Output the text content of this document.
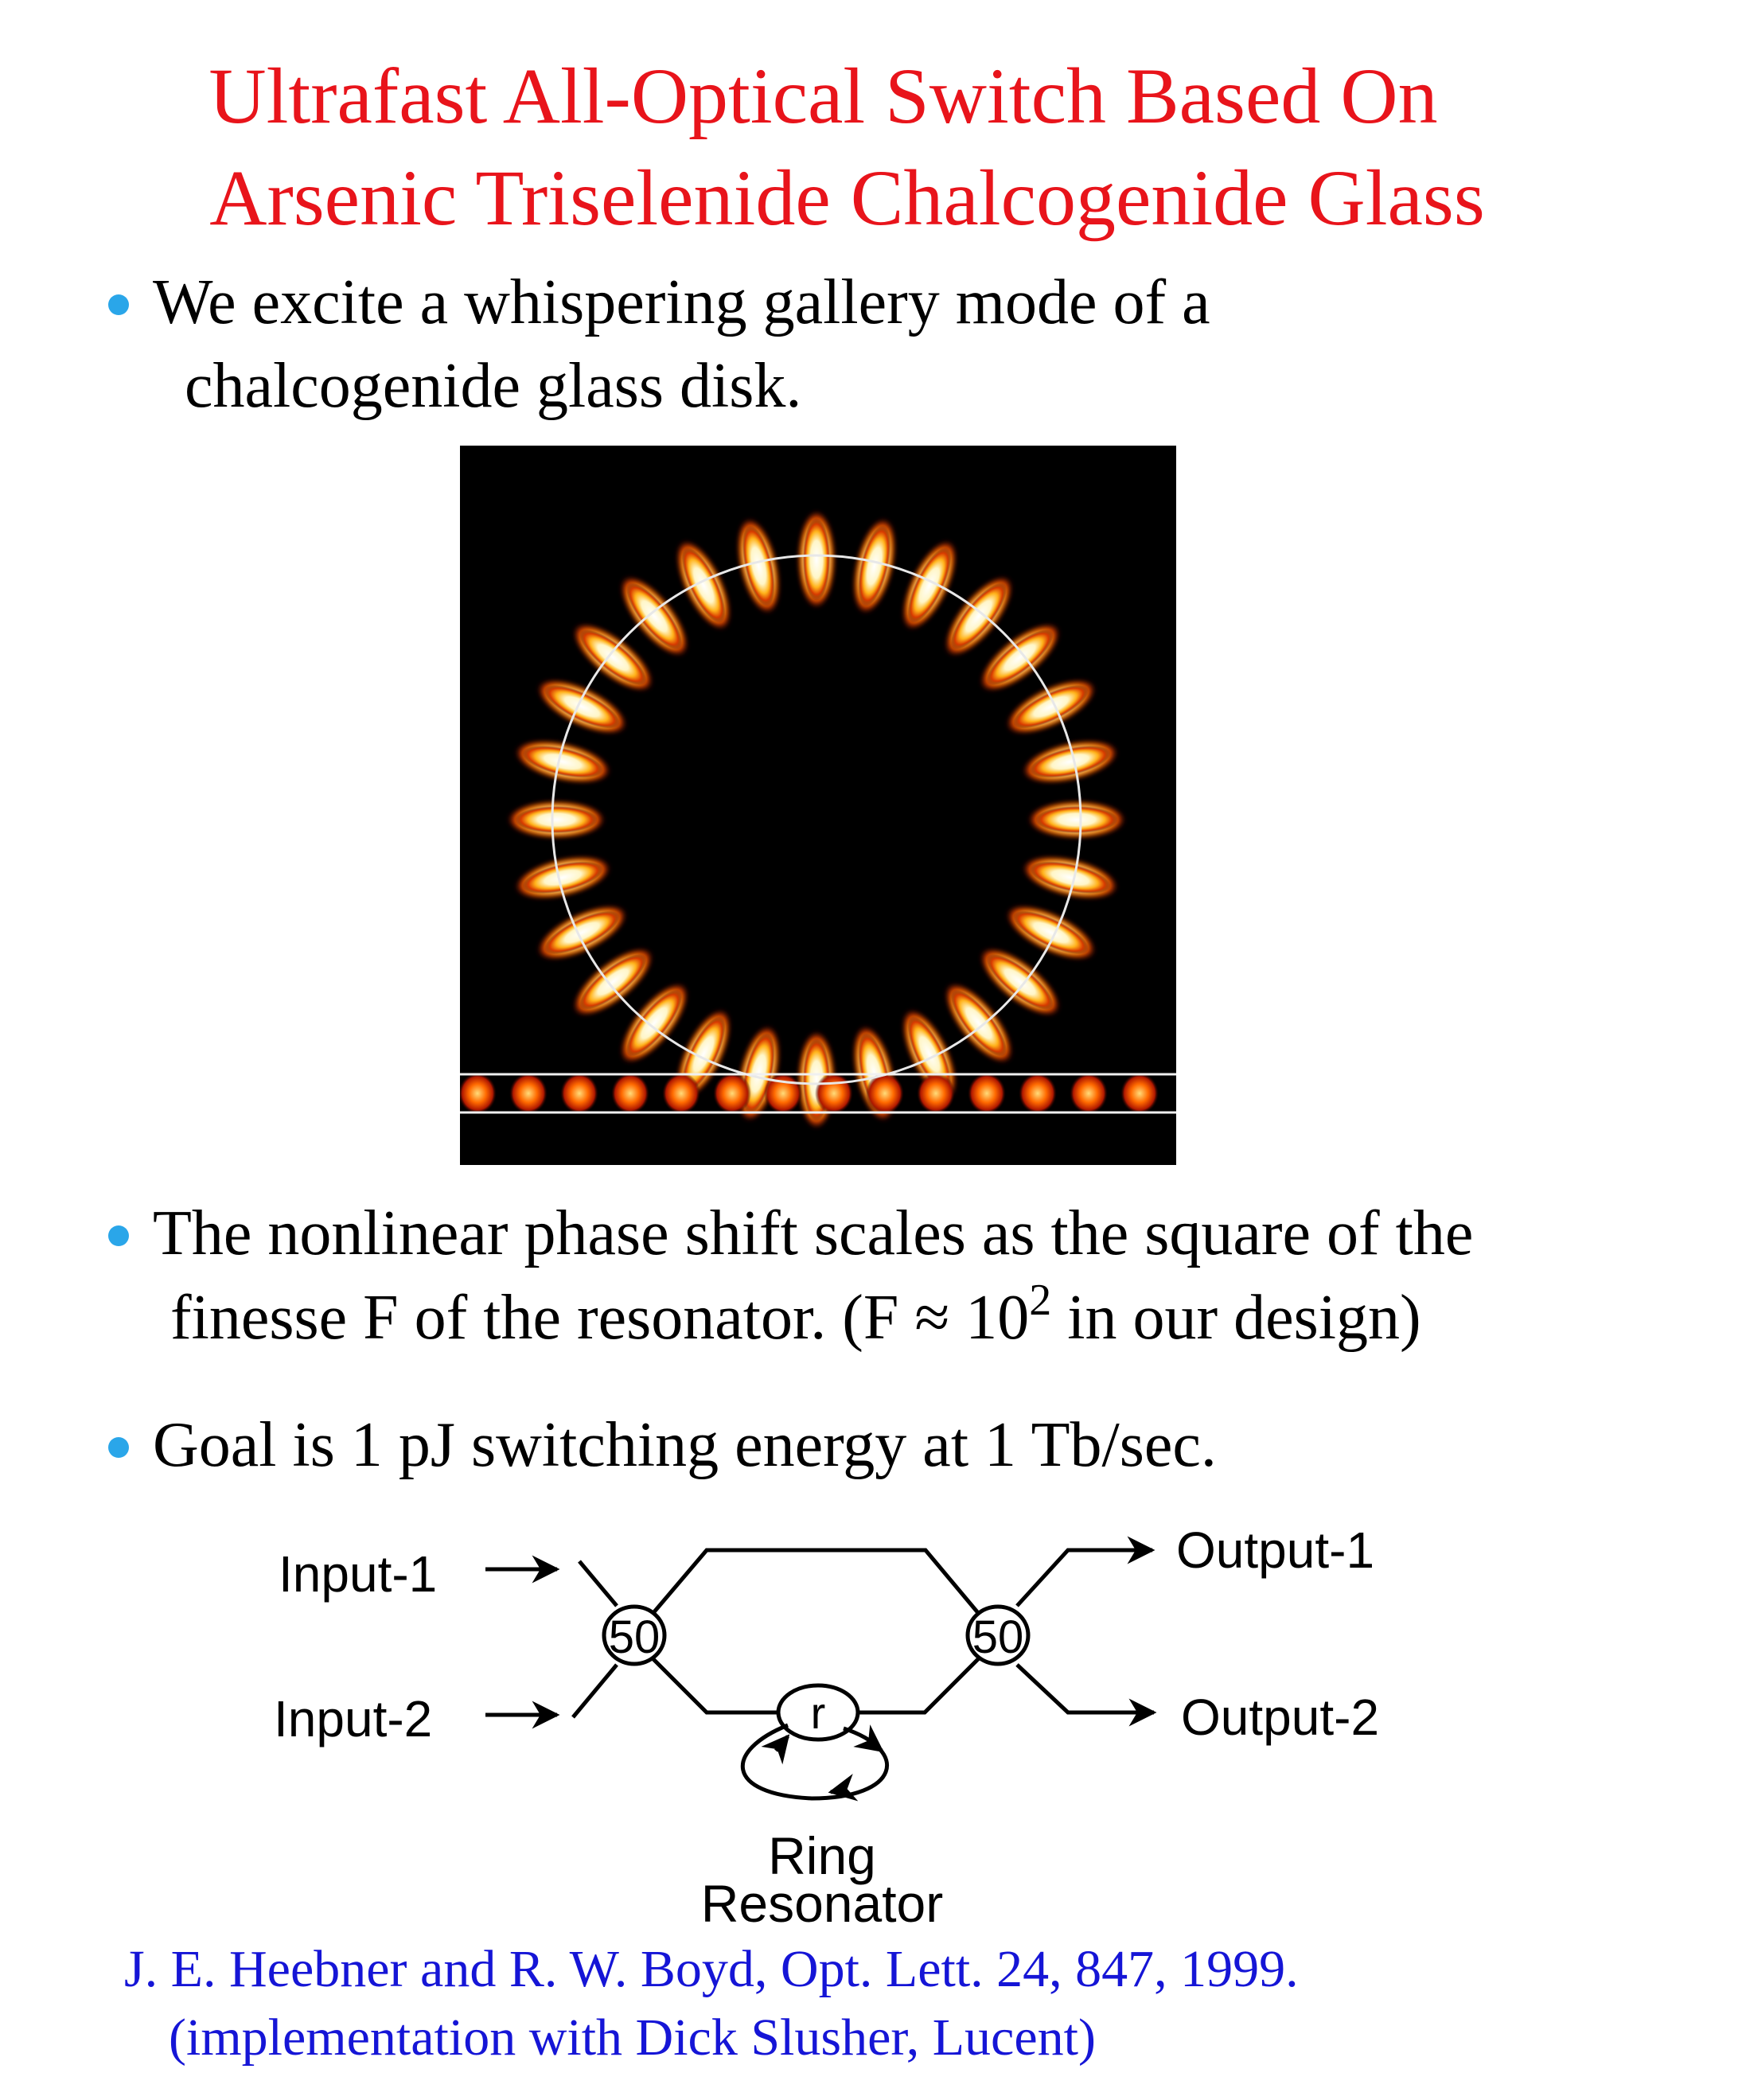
Ultrafast All-Optical Switch Based On
Arsenic Triselenide Chalcogenide Glass
We excite a whispering gallery mode of a
chalcogenide glass disk.
The nonlinear phase shift scales as the square of the
finesse F of the resonator. ($F \approx 10^2$ in our design)
Goal is 1 pJ switching energy at 1 Tb/sec.
Input-1
Input-2
Output-1
Output-2
50	50
r
Ring
Resonator
J. E. Heebner and R. W. Boyd, Opt. Lett. 24, 847, 1999.
(implementation with Dick Slusher, Lucent)
